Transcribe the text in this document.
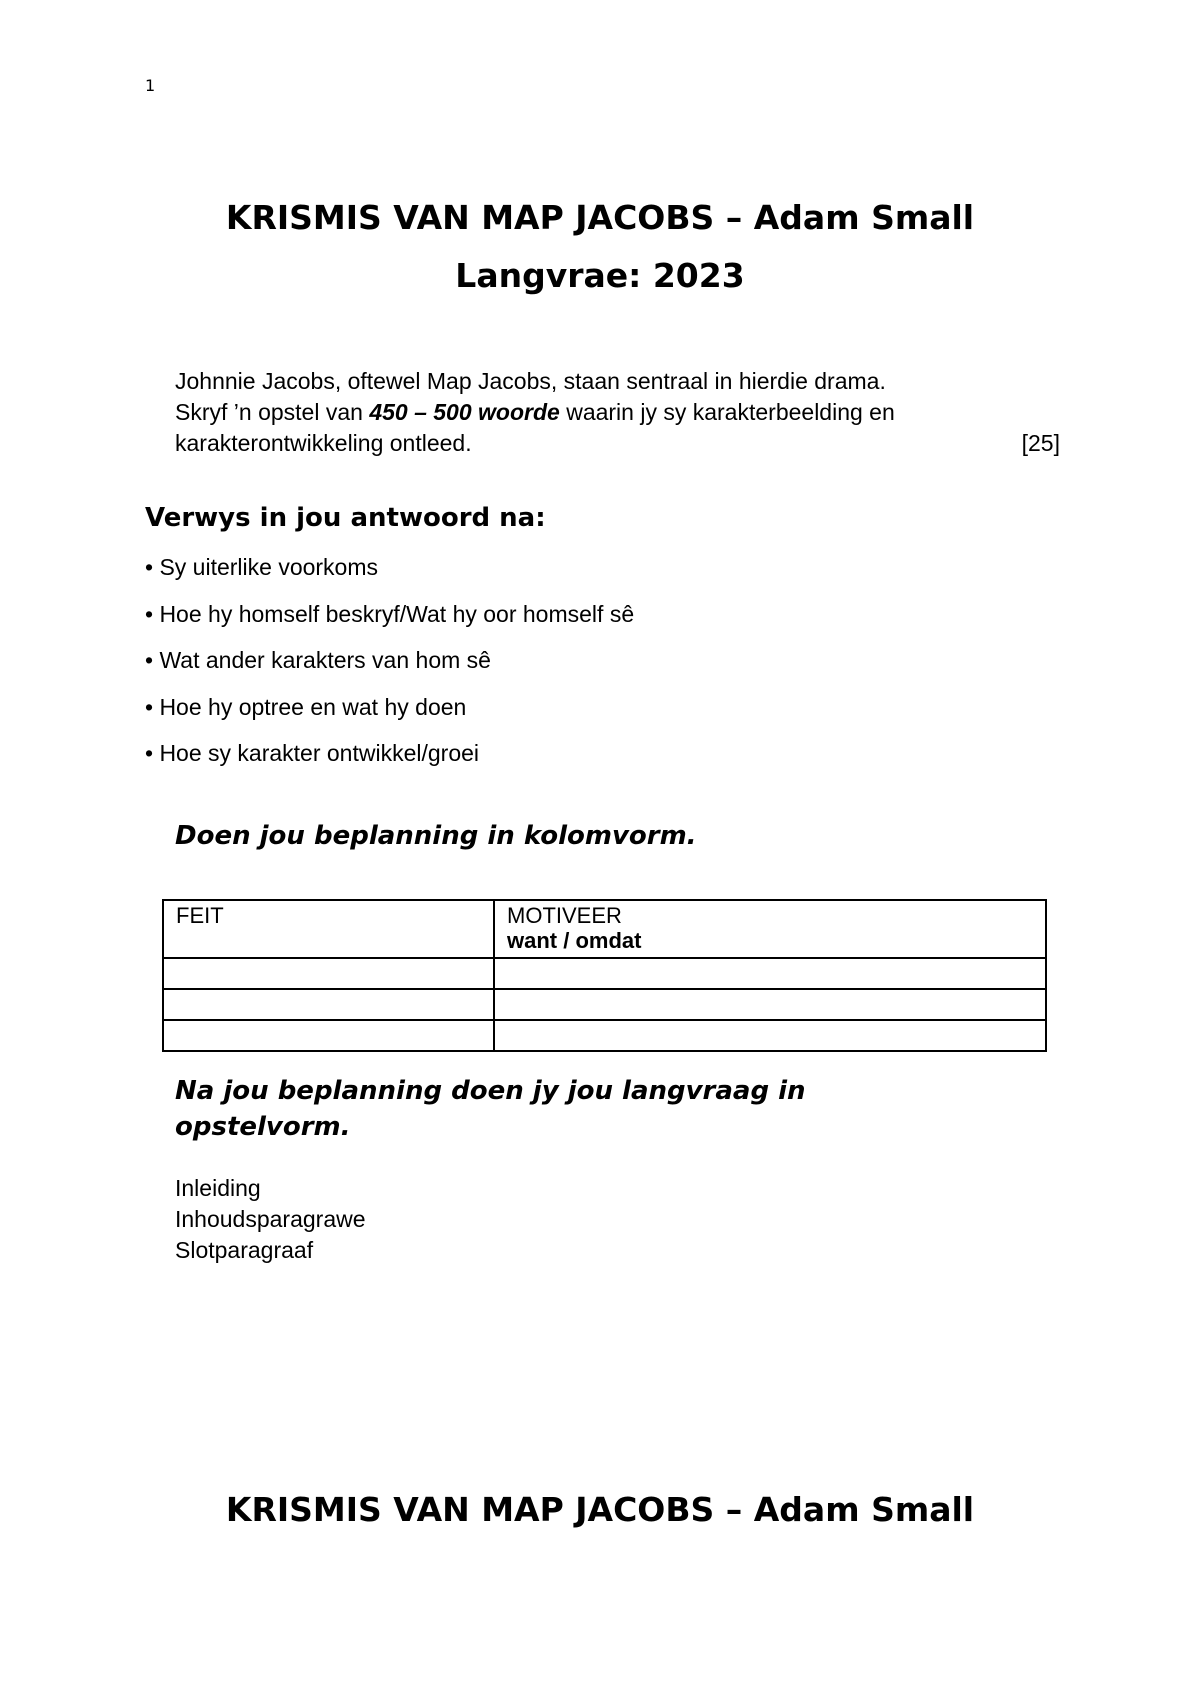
1
KRISMIS VAN MAP JACOBS – Adam Small
Langvrae: 2023
Johnnie Jacobs, oftewel Map Jacobs, staan sentraal in hierdie drama.
Skryf ’n opstel van 450 – 500 woorde waarin jy sy karakterbeelding en
karakterontwikkeling ontleed.	[25]
Verwys in jou antwoord na:
• Sy uiterlike voorkoms
• Hoe hy homself beskryf/Wat hy oor homself sê
• Wat ander karakters van hom sê
• Hoe hy optree en wat hy doen
• Hoe sy karakter ontwikkel/groei
Doen jou beplanning in kolomvorm.
FEIT	MOTIVEER
want / omdat

Na jou beplanning doen jy jou langvraag in
opstelvorm.
Inleiding
Inhoudsparagrawe
Slotparagraaf
KRISMIS VAN MAP JACOBS – Adam Small
